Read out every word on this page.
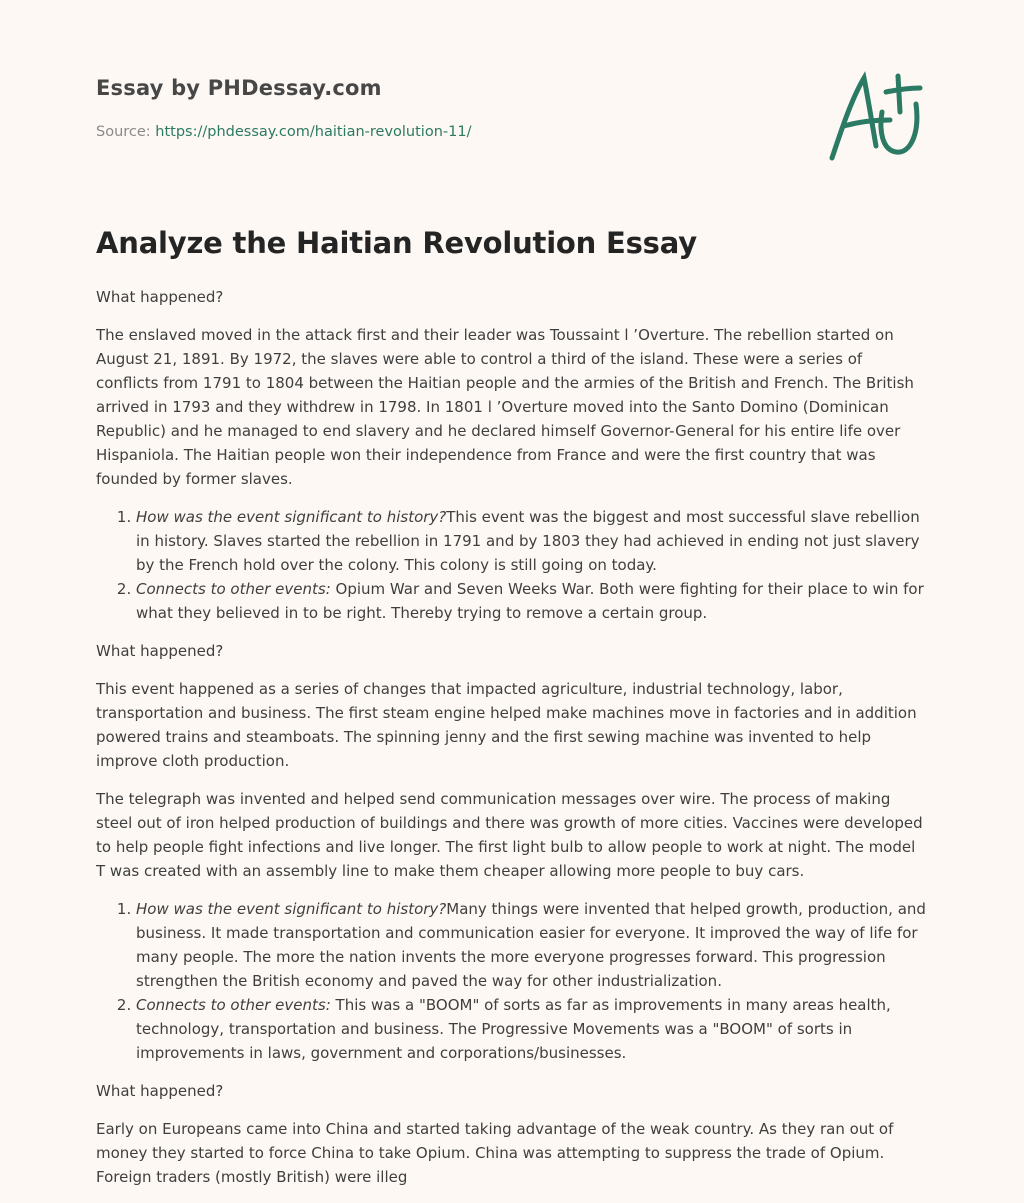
Essay by PHDessay.com
Source: https://phdessay.com/haitian-revolution-11/
Analyze the Haitian Revolution Essay

What happened?

The enslaved moved in the attack first and their leader was Toussaint l ’Overture. The rebellion started on August 21, 1891. By 1972, the slaves were able to control a third of the island. These were a series of conflicts from 1791 to 1804 between the Haitian people and the armies of the British and French. The British arrived in 1793 and they withdrew in 1798. In 1801 l ’Overture moved into the Santo Domino (Dominican Republic) and he managed to end slavery and he declared himself Governor-General for his entire life over Hispaniola. The Haitian people won their independence from France and were the first country that was founded by former slaves.

1. How was the event significant to history?This event was the biggest and most successful slave rebellion in history. Slaves started the rebellion in 1791 and by 1803 they had achieved in ending not just slavery by the French hold over the colony. This colony is still going on today.
2. Connects to other events: Opium War and Seven Weeks War. Both were fighting for their place to win for what they believed in to be right. Thereby trying to remove a certain group.

What happened?

This event happened as a series of changes that impacted agriculture, industrial technology, labor, transportation and business. The first steam engine helped make machines move in factories and in addition powered trains and steamboats. The spinning jenny and the first sewing machine was invented to help improve cloth production.

The telegraph was invented and helped send communication messages over wire. The process of making steel out of iron helped production of buildings and there was growth of more cities. Vaccines were developed to help people fight infections and live longer. The first light bulb to allow people to work at night. The model T was created with an assembly line to make them cheaper allowing more people to buy cars.

1. How was the event significant to history?Many things were invented that helped growth, production, and business. It made transportation and communication easier for everyone. It improved the way of life for many people. The more the nation invents the more everyone progresses forward. This progression strengthen the British economy and paved the way for other industrialization.
2. Connects to other events: This was a "BOOM" of sorts as far as improvements in many areas health, technology, transportation and business. The Progressive Movements was a "BOOM" of sorts in improvements in laws, government and corporations/businesses.

What happened?

Early on Europeans came into China and started taking advantage of the weak country. As they ran out of money they started to force China to take Opium. China was attempting to suppress the trade of Opium. Foreign traders (mostly British) were illeg
